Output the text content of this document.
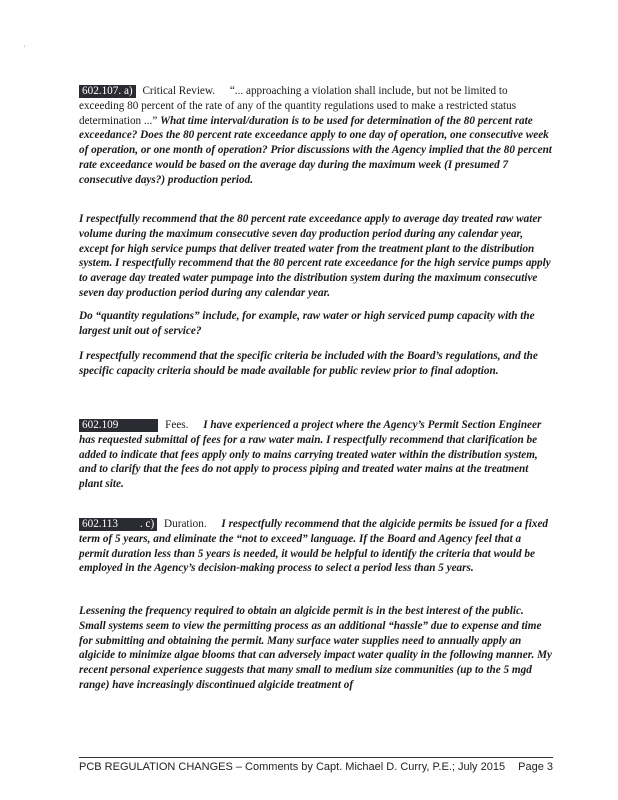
'
602.107. a) Critical Review. “... approaching a violation shall include, but not be limited to exceeding 80 percent of the rate of any of the quantity regulations used to make a restricted status determination ...” What time interval/duration is to be used for determination of the 80 percent rate exceedance? Does the 80 percent rate exceedance apply to one day of operation, one consecutive week of operation, or one month of operation? Prior discussions with the Agency implied that the 80 percent rate exceedance would be based on the average day during the maximum week (I presumed 7 consecutive days?) production period.
I respectfully recommend that the 80 percent rate exceedance apply to average day treated raw water volume during the maximum consecutive seven day production period during any calendar year, except for high service pumps that deliver treated water from the treatment plant to the distribution system. I respectfully recommend that the 80 percent rate exceedance for the high service pumps apply to average day treated water pumpage into the distribution system during the maximum consecutive seven day production period during any calendar year.
Do “quantity regulations” include, for example, raw water or high serviced pump capacity with the largest unit out of service?
I respectfully recommend that the specific criteria be included with the Board’s regulations, and the specific capacity criteria should be made available for public review prior to final adoption.
602.109	Fees. I have experienced a project where the Agency’s Permit Section Engineer has requested submittal of fees for a raw water main. I respectfully recommend that clarification be added to indicate that fees apply only to mains carrying treated water within the distribution system, and to clarify that the fees do not apply to process piping and treated water mains at the treatment plant site.
602.113 . c) Duration. I respectfully recommend that the algicide permits be issued for a fixed term of 5 years, and eliminate the “not to exceed” language. If the Board and Agency feel that a permit duration less than 5 years is needed, it would be helpful to identify the criteria that would be employed in the Agency’s decision-making process to select a period less than 5 years.
Lessening the frequency required to obtain an algicide permit is in the best interest of the public. Small systems seem to view the permitting process as an additional “hassle” due to expense and time for submitting and obtaining the permit. Many surface water supplies need to annually apply an algicide to minimize algae blooms that can adversely impact water quality in the following manner. My recent personal experience suggests that many small to medium size communities (up to the 5 mgd range) have increasingly discontinued algicide treatment of
PCB REGULATION CHANGES – Comments by Capt. Michael D. Curry, P.E.; July 2015 Page 3
